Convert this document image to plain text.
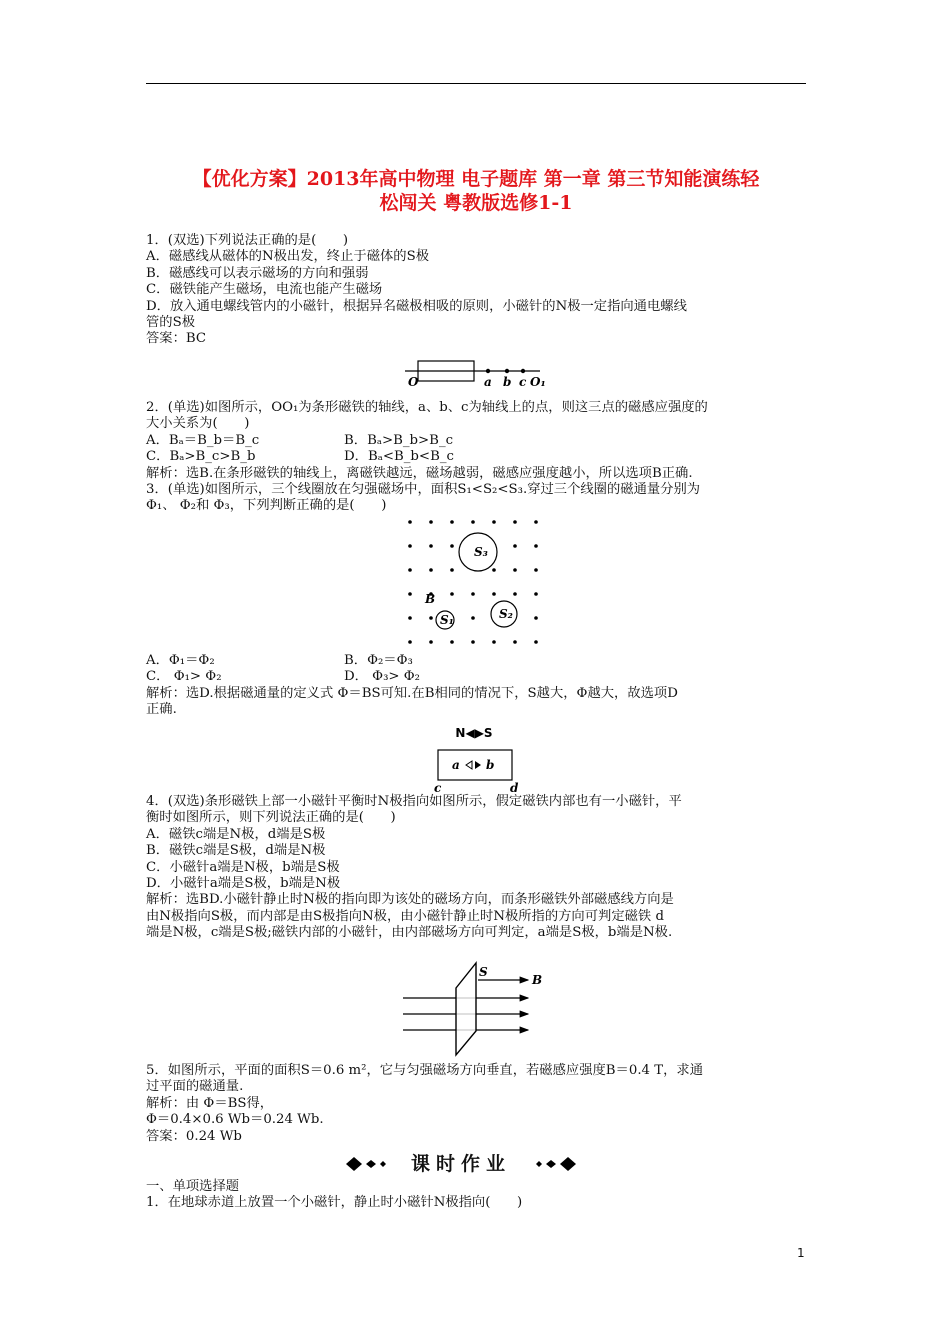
【优化方案】2013年高中物理 电子题库 第一章 第三节知能演练轻
松闯关 粤教版选修1-1

1．(双选)下列说法正确的是(　　)

A．磁感线从磁体的N极出发，终止于磁体的S极

B．磁感线可以表示磁场的方向和强弱

C．磁铁能产生磁场，电流也能产生磁场

D．放入通电螺线管内的小磁针，根据异名磁极相吸的原则，小磁针的N极一定指向通电螺线

管的S极

答案：BC

O	a b c O₁

2．(单选)如图所示，OO₁为条形磁铁的轴线，a、b、c为轴线上的点，则这三点的磁感应强度的

大小关系为(　　)

A．Bₐ＝B_b＝B_c	B．Bₐ>B_b>B_c

C．Bₐ>B_c>B_b	D．Bₐ<B_b<B_c

解析：选B.在条形磁铁的轴线上，离磁铁越远，磁场越弱，磁感应强度越小，所以选项B正确.

3．(单选)如图所示，三个线圈放在匀强磁场中，面积S₁<S₂<S₃.穿过三个线圈的磁通量分别为

Φ₁、 Φ₂和 Φ₃，下列判断正确的是(　　)

S₃
S₁	S₂
B

A．Φ₁＝Φ₂	B．Φ₂＝Φ₃

C． Φ₁> Φ₂	D． Φ₃> Φ₂

解析：选D.根据磁通量的定义式 Φ＝BS可知.在B相同的情况下，S越大，Φ越大，故选项D

正确.

N◀▶S
a b
c	d

4．(双选)条形磁铁上部一小磁针平衡时N极指向如图所示，假定磁铁内部也有一小磁针，平

衡时如图所示，则下列说法正确的是(　　)

A．磁铁c端是N极，d端是S极

B．磁铁c端是S极，d端是N极

C．小磁针a端是N极，b端是S极

D．小磁针a端是S极，b端是N极

解析：选BD.小磁针静止时N极的指向即为该处的磁场方向，而条形磁铁外部磁感线方向是

由N极指向S极，而内部是由S极指向N极，由小磁针静止时N极所指的方向可判定磁铁 d

端是N极，c端是S极;磁铁内部的小磁针，由内部磁场方向可判定，a端是S极，b端是N极.

S
B

5．如图所示，平面的面积S＝0.6 m²，它与匀强磁场方向垂直，若磁感应强度B＝0.4 T，求通

过平面的磁通量.

解析：由 Φ＝BS得，

Φ＝0.4×0.6 Wb＝0.24 Wb.

答案：0.24 Wb

课时作业

一、单项选择题

1．在地球赤道上放置一个小磁针，静止时小磁针N极指向(　　)

1
